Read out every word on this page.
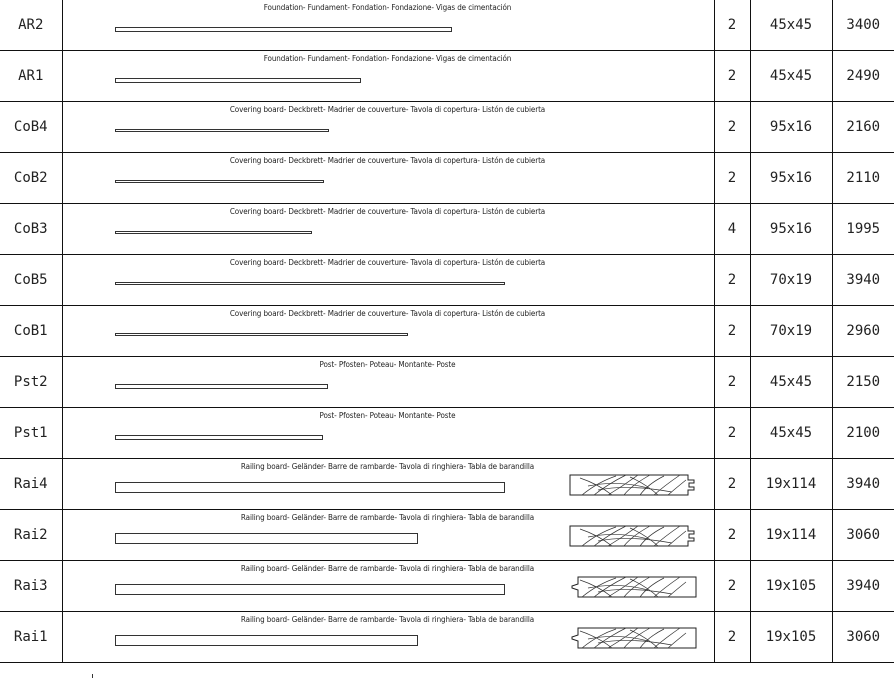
AR2	Foundation- Fundament- Fondation- Fondazione- Vigas de cimentación	2	45x45	3400
AR1	Foundation- Fundament- Fondation- Fondazione- Vigas de cimentación	2	45x45	2490
CoB4	Covering board- Deckbrett- Madrier de couverture- Tavola di copertura- Listón de cubierta	2	95x16	2160
CoB2	Covering board- Deckbrett- Madrier de couverture- Tavola di copertura- Listón de cubierta	2	95x16	2110
CoB3	Covering board- Deckbrett- Madrier de couverture- Tavola di copertura- Listón de cubierta	4	95x16	1995
CoB5	Covering board- Deckbrett- Madrier de couverture- Tavola di copertura- Listón de cubierta	2	70x19	3940
CoB1	Covering board- Deckbrett- Madrier de couverture- Tavola di copertura- Listón de cubierta	2	70x19	2960
Pst2	Post- Pfosten- Poteau- Montante- Poste	2	45x45	2150
Pst1	Post- Pfosten- Poteau- Montante- Poste	2	45x45	2100
Rai4	Railing board- Geländer- Barre de rambarde- Tavola di ringhiera- Tabla de barandilla	2	19x114	3940
Rai2	Railing board- Geländer- Barre de rambarde- Tavola di ringhiera- Tabla de barandilla	2	19x114	3060
Rai3	Railing board- Geländer- Barre de rambarde- Tavola di ringhiera- Tabla de barandilla	2	19x105	3940
Rai1	Railing board- Geländer- Barre de rambarde- Tavola di ringhiera- Tabla de barandilla	2	19x105	3060
